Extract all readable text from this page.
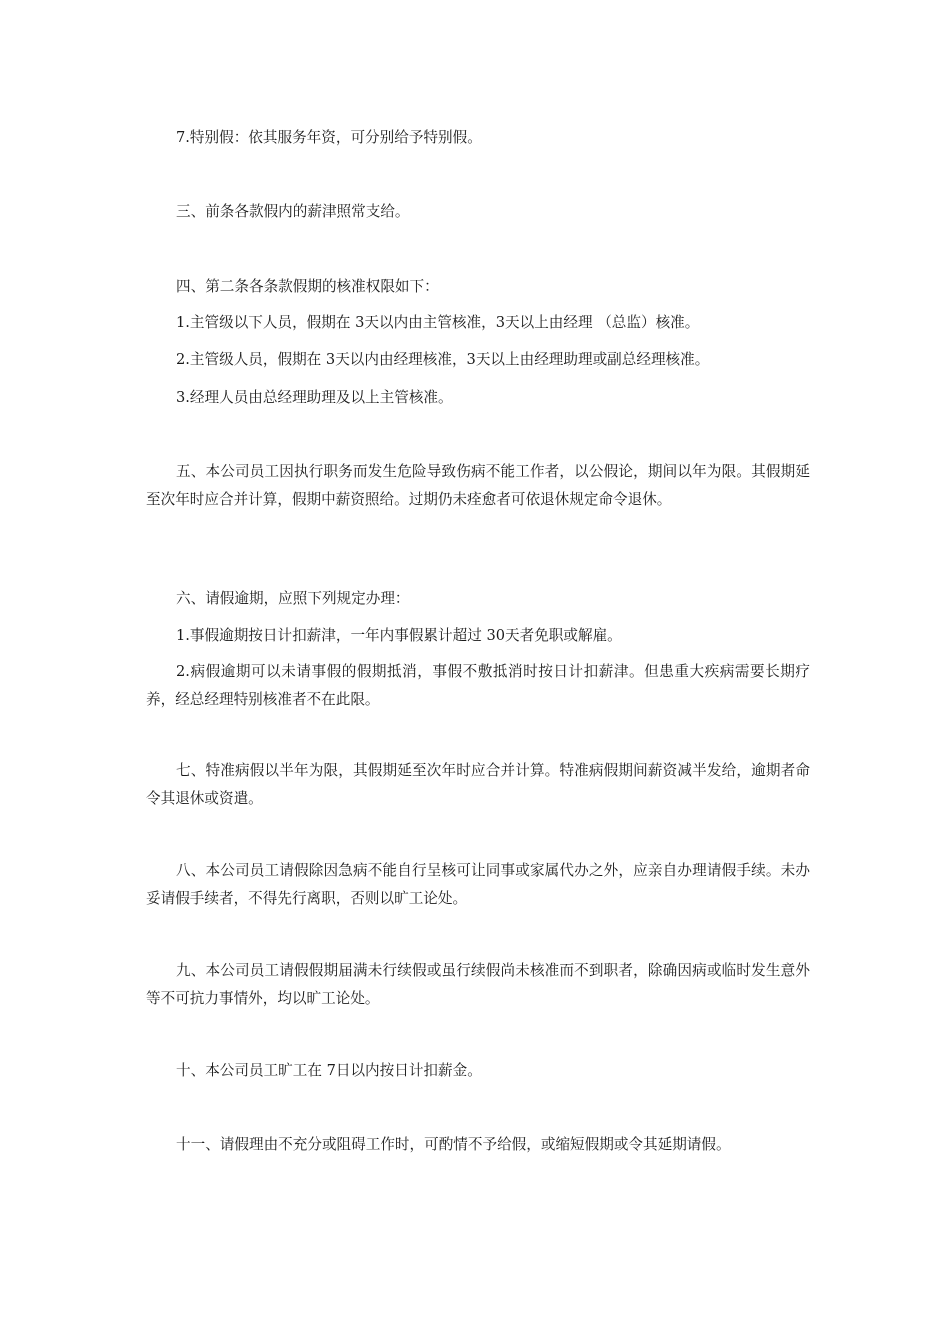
7.特别假：依其服务年资，可分别给予特别假。

三、前条各款假内的薪津照常支给。

四、第二条各条款假期的核准权限如下：

1.主管级以下人员，假期在 3天以内由主管核准，3天以上由经理 （总监）核准。

2.主管级人员，假期在 3天以内由经理核准，3天以上由经理助理或副总经理核准。

3.经理人员由总经理助理及以上主管核准。

五、本公司员工因执行职务而发生危险导致伤病不能工作者，以公假论，期间以年为限。其假期延至次年时应合并计算，假期中薪资照给。过期仍未痊愈者可依退休规定命令退休。

六、请假逾期，应照下列规定办理：

1.事假逾期按日计扣薪津，一年内事假累计超过 30天者免职或解雇。

2.病假逾期可以未请事假的假期抵消，事假不敷抵消时按日计扣薪津。但患重大疾病需要长期疗养，经总经理特别核准者不在此限。

七、特准病假以半年为限，其假期延至次年时应合并计算。特准病假期间薪资减半发给，逾期者命令其退休或资遣。

八、本公司员工请假除因急病不能自行呈核可让同事或家属代办之外，应亲自办理请假手续。未办妥请假手续者，不得先行离职，否则以旷工论处。

九、本公司员工请假假期届满未行续假或虽行续假尚未核准而不到职者，除确因病或临时发生意外等不可抗力事情外，均以旷工论处。

十、本公司员工旷工在 7日以内按日计扣薪金。

十一、请假理由不充分或阻碍工作时，可酌情不予给假，或缩短假期或令其延期请假。
